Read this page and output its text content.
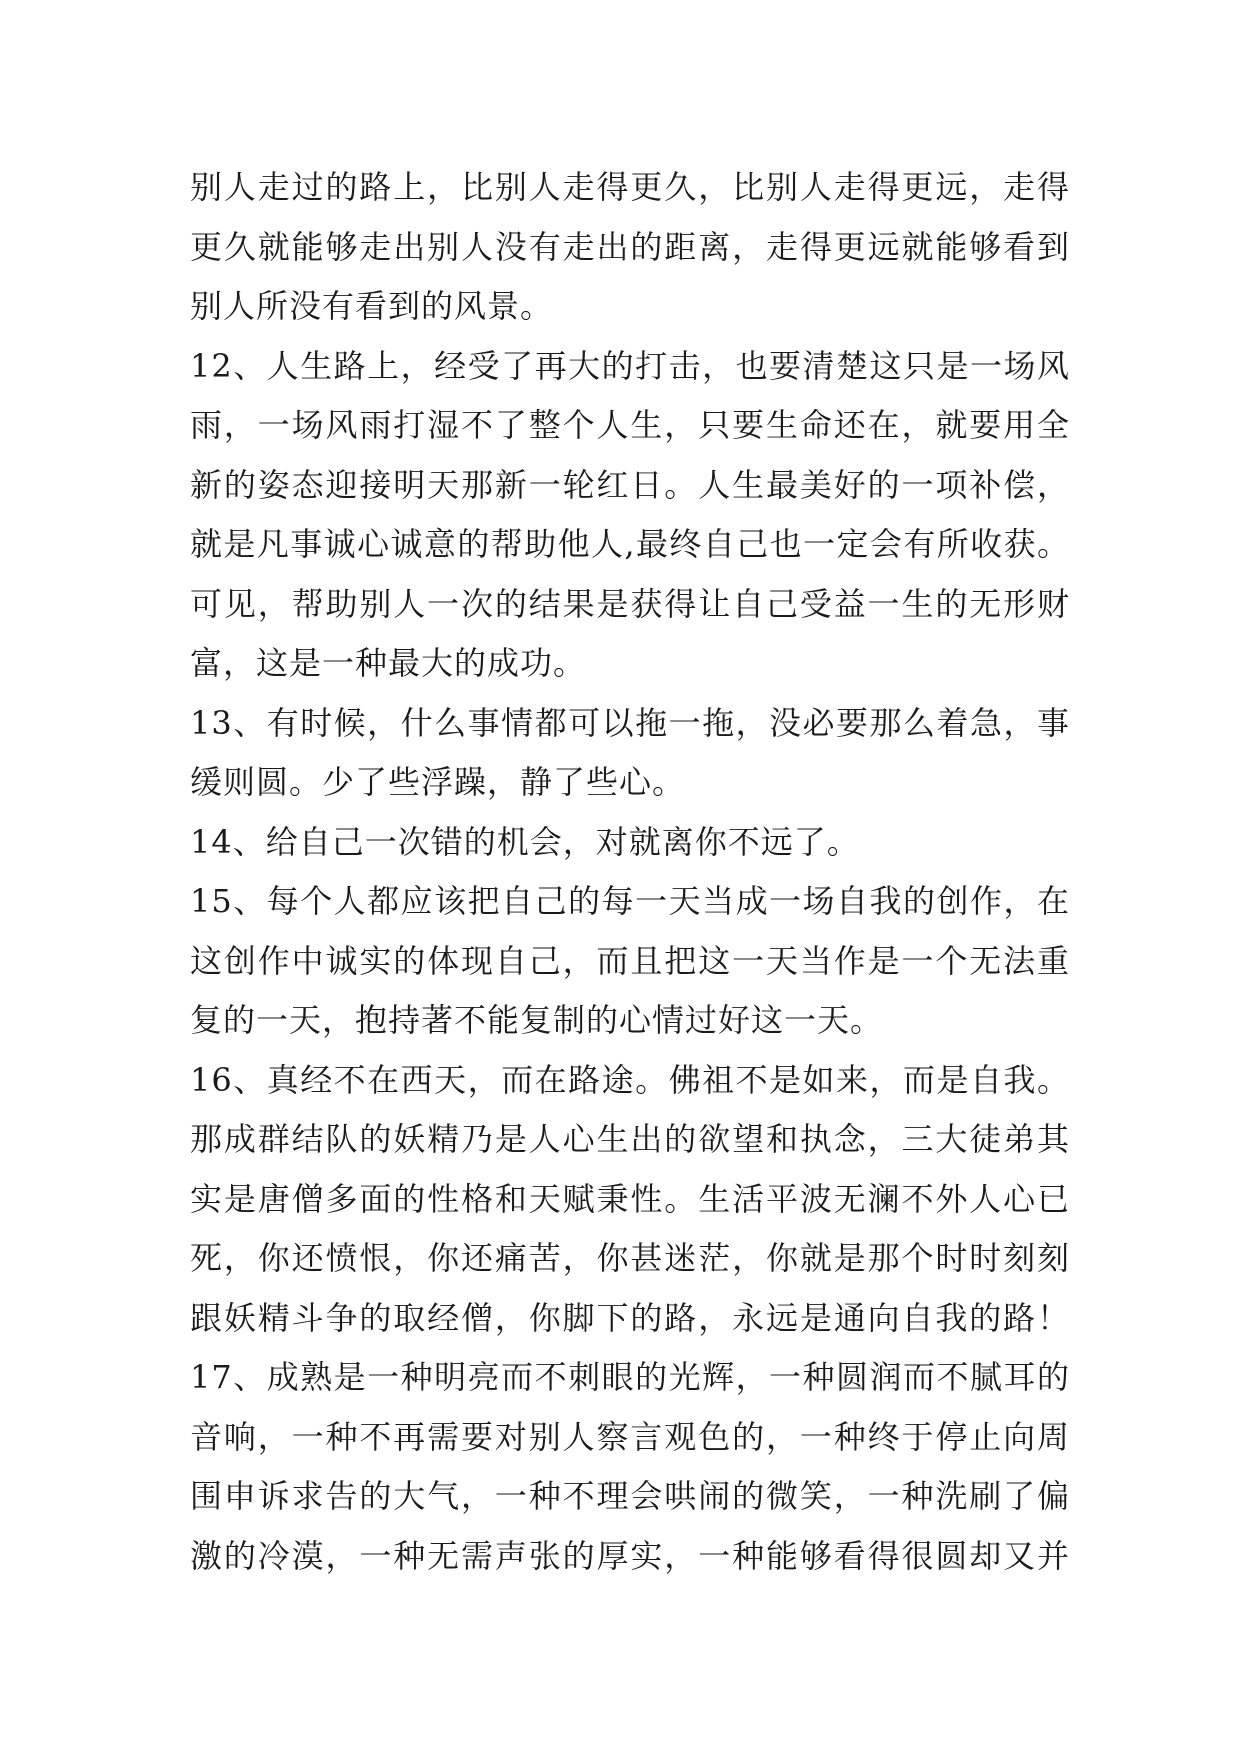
别人走过的路上，比别人走得更久，比别人走得更远，走得
更久就能够走出别人没有走出的距离，走得更远就能够看到
别人所没有看到的风景。
12、人生路上，经受了再大的打击，也要清楚这只是一场风
雨，一场风雨打湿不了整个人生，只要生命还在，就要用全
新的姿态迎接明天那新一轮红日。人生最美好的一项补偿，
就是凡事诚心诚意的帮助他人,最终自己也一定会有所收获。
可见，帮助别人一次的结果是获得让自己受益一生的无形财
富，这是一种最大的成功。
13、有时候，什么事情都可以拖一拖，没必要那么着急，事
缓则圆。少了些浮躁，静了些心。
14、给自己一次错的机会，对就离你不远了。
15、每个人都应该把自己的每一天当成一场自我的创作，在
这创作中诚实的体现自己，而且把这一天当作是一个无法重
复的一天，抱持著不能复制的心情过好这一天。
16、真经不在西天，而在路途。佛祖不是如来，而是自我。
那成群结队的妖精乃是人心生出的欲望和执念，三大徒弟其
实是唐僧多面的性格和天赋秉性。生活平波无澜不外人心已
死，你还愤恨，你还痛苦，你甚迷茫，你就是那个时时刻刻
跟妖精斗争的取经僧，你脚下的路，永远是通向自我的路！
17、成熟是一种明亮而不刺眼的光辉，一种圆润而不腻耳的
音响，一种不再需要对别人察言观色的，一种终于停止向周
围申诉求告的大气，一种不理会哄闹的微笑，一种洗刷了偏
激的冷漠，一种无需声张的厚实，一种能够看得很圆却又并
